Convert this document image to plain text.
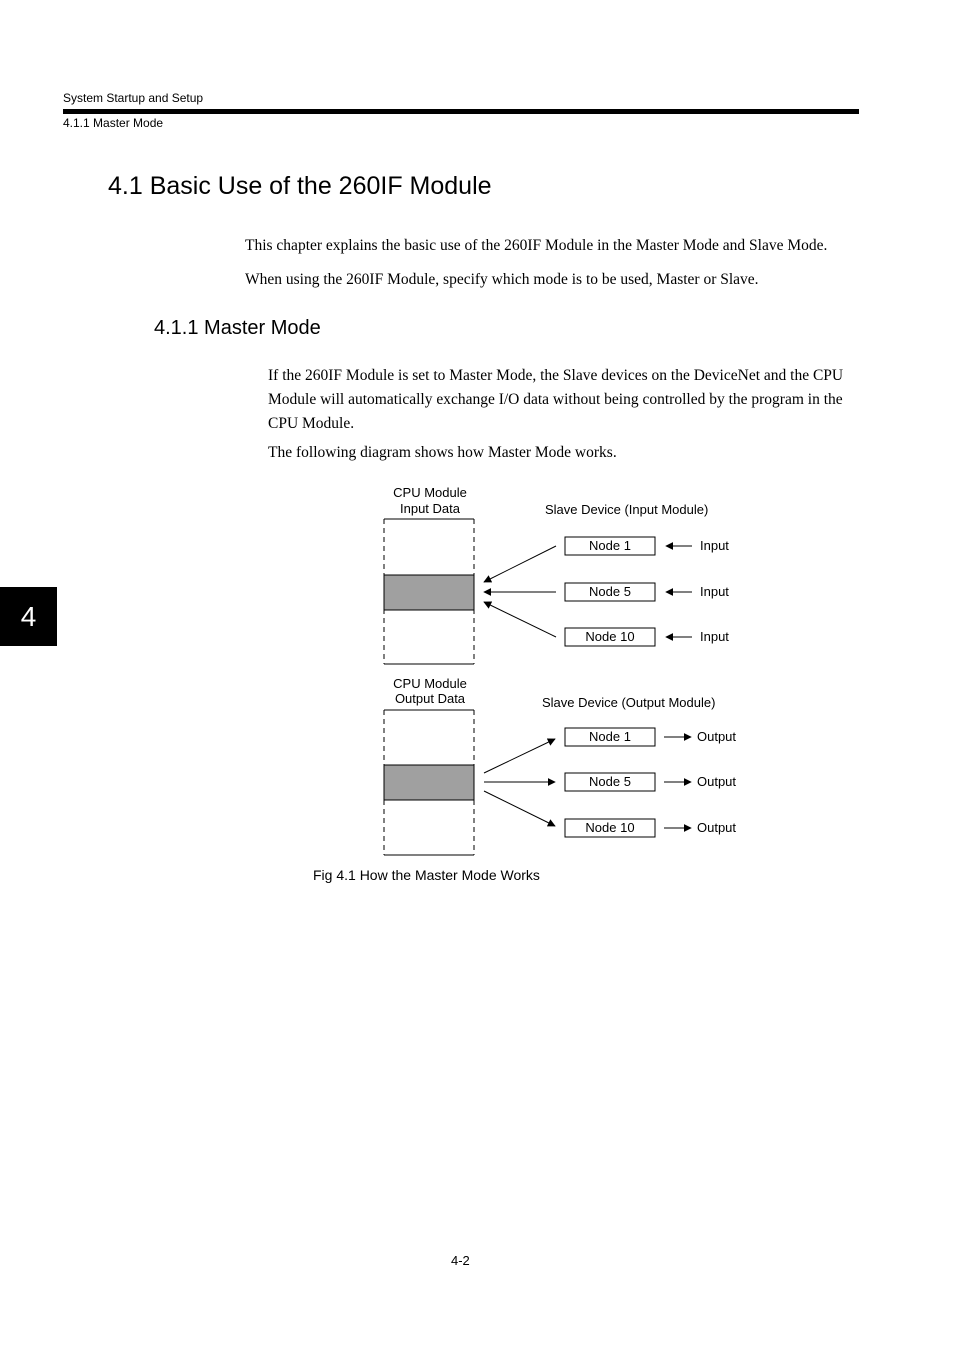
System Startup and Setup
4.1.1 Master Mode
4
4.1 Basic Use of the 260IF Module
This chapter explains the basic use of the 260IF Module in the Master Mode and Slave Mode.
When using the 260IF Module, specify which mode is to be used, Master or Slave.
4.1.1 Master Mode
If the 260IF Module is set to Master Mode, the Slave devices on the DeviceNet and the CPU Module will automatically exchange I/O data without being controlled by the program in the CPU Module.
The following diagram shows how Master Mode works.
CPU Module
Input Data	Slave Device (Input Module)
Node 1
Node 5
Node 10
Input
Input
Input
CPU Module
Output Data	Slave Device (Output Module)
Node 1
Node 5
Node 10
Output
Output
Output
Fig 4.1 How the Master Mode Works
4-2
